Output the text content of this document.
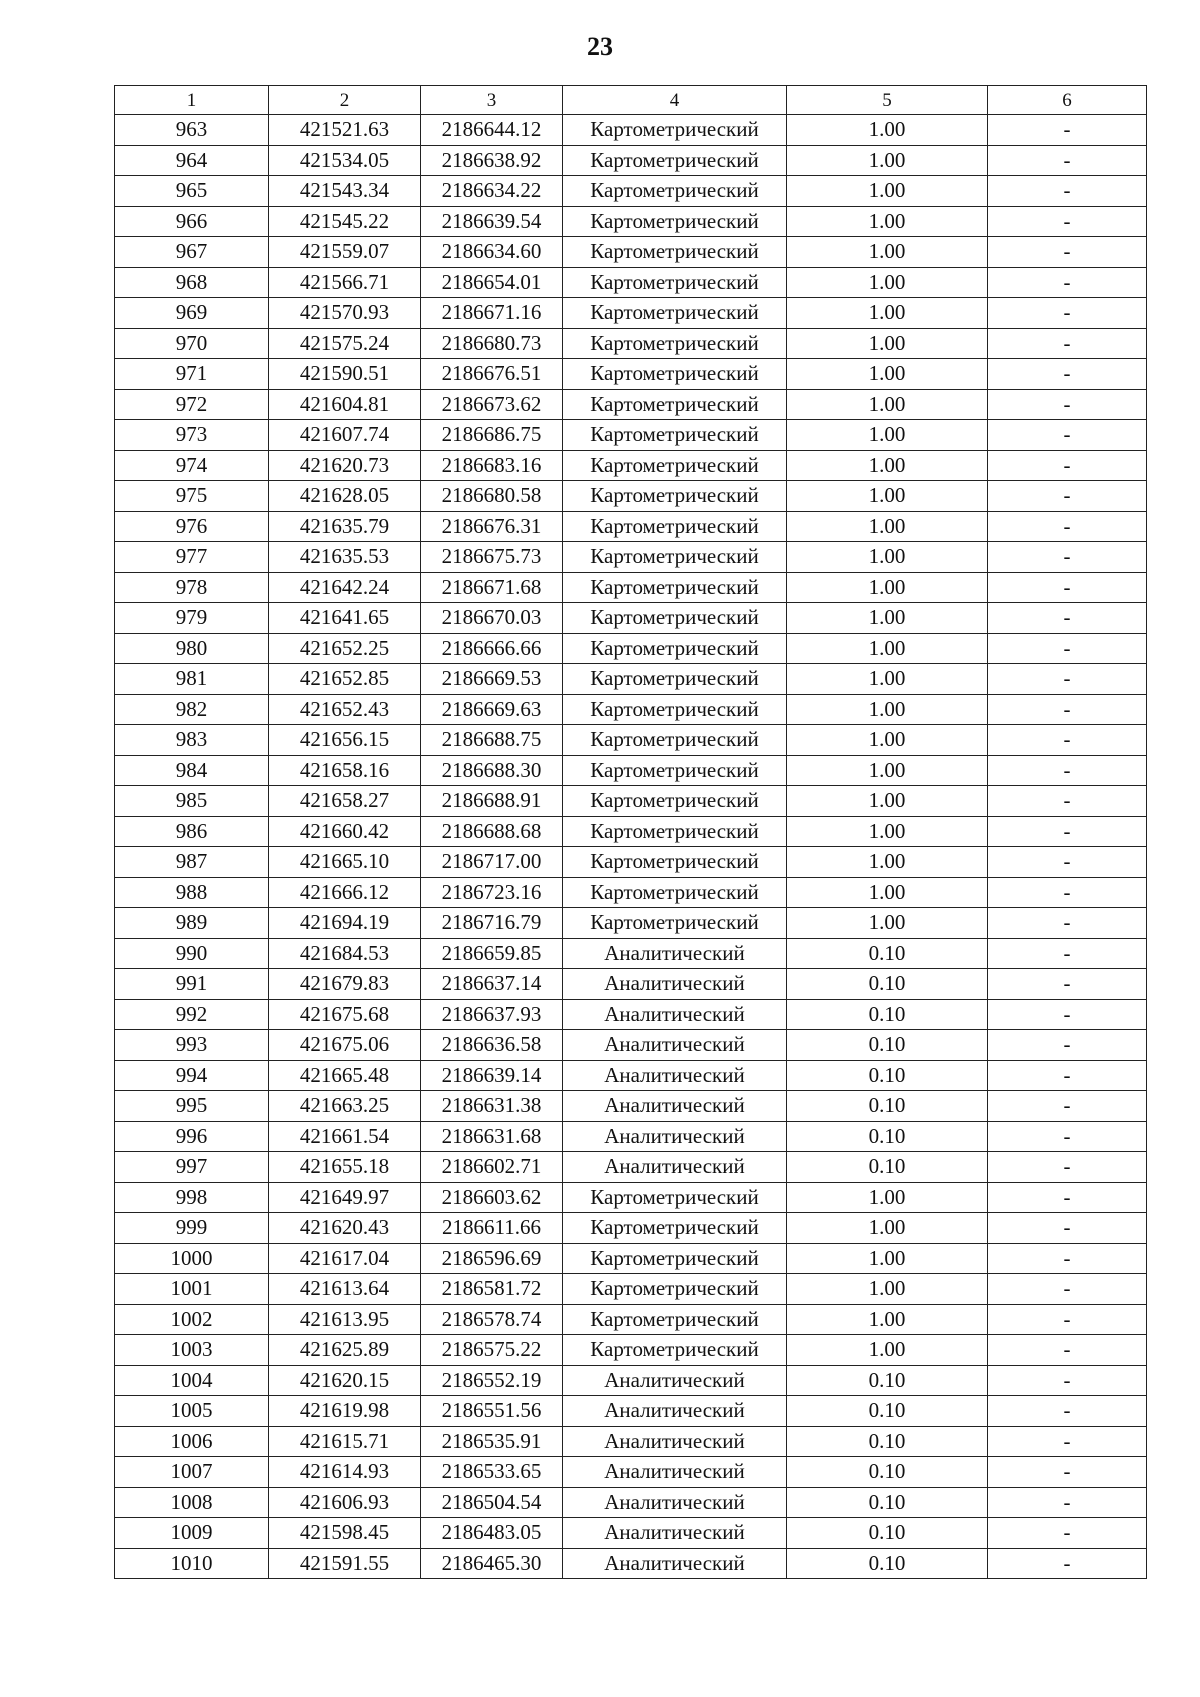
23
1	2	3	4	5	6
963	421521.63	2186644.12	Картометрический	1.00	-
964	421534.05	2186638.92	Картометрический	1.00	-
965	421543.34	2186634.22	Картометрический	1.00	-
966	421545.22	2186639.54	Картометрический	1.00	-
967	421559.07	2186634.60	Картометрический	1.00	-
968	421566.71	2186654.01	Картометрический	1.00	-
969	421570.93	2186671.16	Картометрический	1.00	-
970	421575.24	2186680.73	Картометрический	1.00	-
971	421590.51	2186676.51	Картометрический	1.00	-
972	421604.81	2186673.62	Картометрический	1.00	-
973	421607.74	2186686.75	Картометрический	1.00	-
974	421620.73	2186683.16	Картометрический	1.00	-
975	421628.05	2186680.58	Картометрический	1.00	-
976	421635.79	2186676.31	Картометрический	1.00	-
977	421635.53	2186675.73	Картометрический	1.00	-
978	421642.24	2186671.68	Картометрический	1.00	-
979	421641.65	2186670.03	Картометрический	1.00	-
980	421652.25	2186666.66	Картометрический	1.00	-
981	421652.85	2186669.53	Картометрический	1.00	-
982	421652.43	2186669.63	Картометрический	1.00	-
983	421656.15	2186688.75	Картометрический	1.00	-
984	421658.16	2186688.30	Картометрический	1.00	-
985	421658.27	2186688.91	Картометрический	1.00	-
986	421660.42	2186688.68	Картометрический	1.00	-
987	421665.10	2186717.00	Картометрический	1.00	-
988	421666.12	2186723.16	Картометрический	1.00	-
989	421694.19	2186716.79	Картометрический	1.00	-
990	421684.53	2186659.85	Аналитический	0.10	-
991	421679.83	2186637.14	Аналитический	0.10	-
992	421675.68	2186637.93	Аналитический	0.10	-
993	421675.06	2186636.58	Аналитический	0.10	-
994	421665.48	2186639.14	Аналитический	0.10	-
995	421663.25	2186631.38	Аналитический	0.10	-
996	421661.54	2186631.68	Аналитический	0.10	-
997	421655.18	2186602.71	Аналитический	0.10	-
998	421649.97	2186603.62	Картометрический	1.00	-
999	421620.43	2186611.66	Картометрический	1.00	-
1000	421617.04	2186596.69	Картометрический	1.00	-
1001	421613.64	2186581.72	Картометрический	1.00	-
1002	421613.95	2186578.74	Картометрический	1.00	-
1003	421625.89	2186575.22	Картометрический	1.00	-
1004	421620.15	2186552.19	Аналитический	0.10	-
1005	421619.98	2186551.56	Аналитический	0.10	-
1006	421615.71	2186535.91	Аналитический	0.10	-
1007	421614.93	2186533.65	Аналитический	0.10	-
1008	421606.93	2186504.54	Аналитический	0.10	-
1009	421598.45	2186483.05	Аналитический	0.10	-
1010	421591.55	2186465.30	Аналитический	0.10	-
